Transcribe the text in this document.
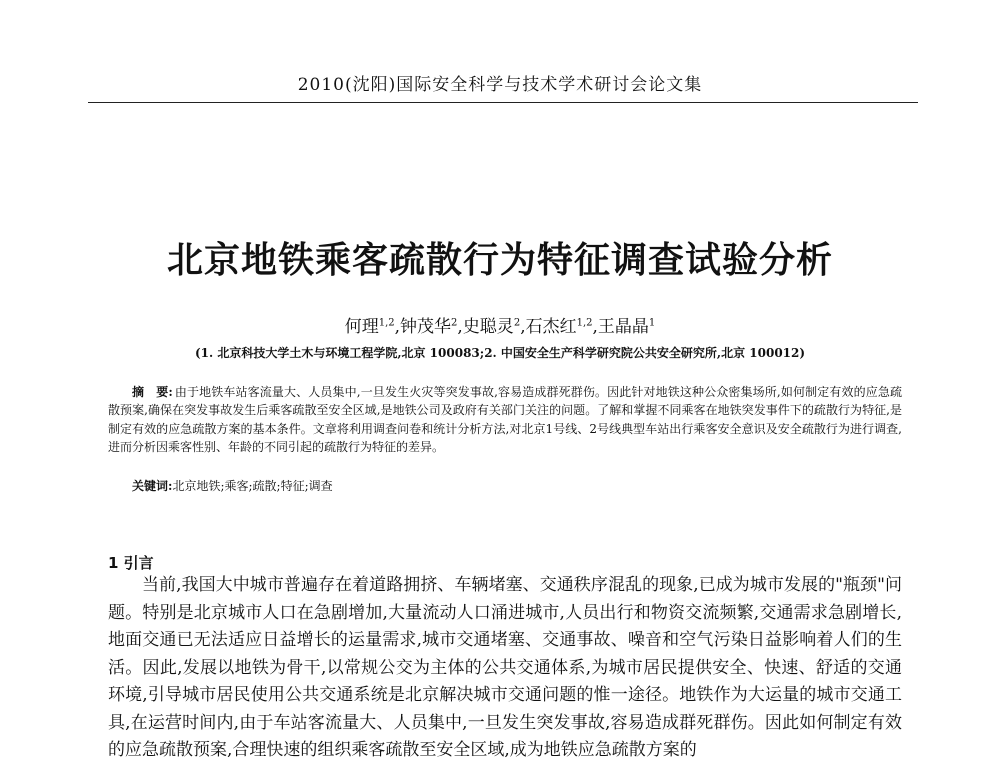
2010(沈阳)国际安全科学与技术学术研讨会论文集
北京地铁乘客疏散行为特征调查试验分析
何理$^{1,2}$,钟茂华$^2$,史聪灵$^2$,石杰红$^{1,2}$,王晶晶$^1$
(1. 北京科技大学土木与环境工程学院,北京 100083;2. 中国安全生产科学研究院公共安全研究所,北京 100012)
摘　要: 由于地铁车站客流量大、人员集中,一旦发生火灾等突发事故,容易造成群死群伤。因此针对地铁这种公众密集场所,如何制定有效的应急疏散预案,确保在突发事故发生后乘客疏散至安全区域,是地铁公司及政府有关部门关注的问题。了解和掌握不同乘客在地铁突发事件下的疏散行为特征,是制定有效的应急疏散方案的基本条件。文章将利用调查问卷和统计分析方法,对北京1号线、2号线典型车站出行乘客安全意识及安全疏散行为进行调查,进而分析因乘客性别、年龄的不同引起的疏散行为特征的差异。
关键词:北京地铁;乘客;疏散;特征;调查
1 引言

当前,我国大中城市普遍存在着道路拥挤、车辆堵塞、交通秩序混乱的现象,已成为城市发展的"瓶颈"问题。特别是北京城市人口在急剧增加,大量流动人口涌进城市,人员出行和物资交流频繁,交通需求急剧增长,地面交通已无法适应日益增长的运量需求,城市交通堵塞、交通事故、噪音和空气污染日益影响着人们的生活。因此,发展以地铁为骨干,以常规公交为主体的公共交通体系,为城市居民提供安全、快速、舒适的交通环境,引导城市居民使用公共交通系统是北京解决城市交通问题的惟一途径。地铁作为大运量的城市交通工具,在运营时间内,由于车站客流量大、人员集中,一旦发生突发事故,容易造成群死群伤。因此如何制定有效的应急疏散预案,合理快速的组织乘客疏散至安全区域,成为地铁应急疏散方案的
